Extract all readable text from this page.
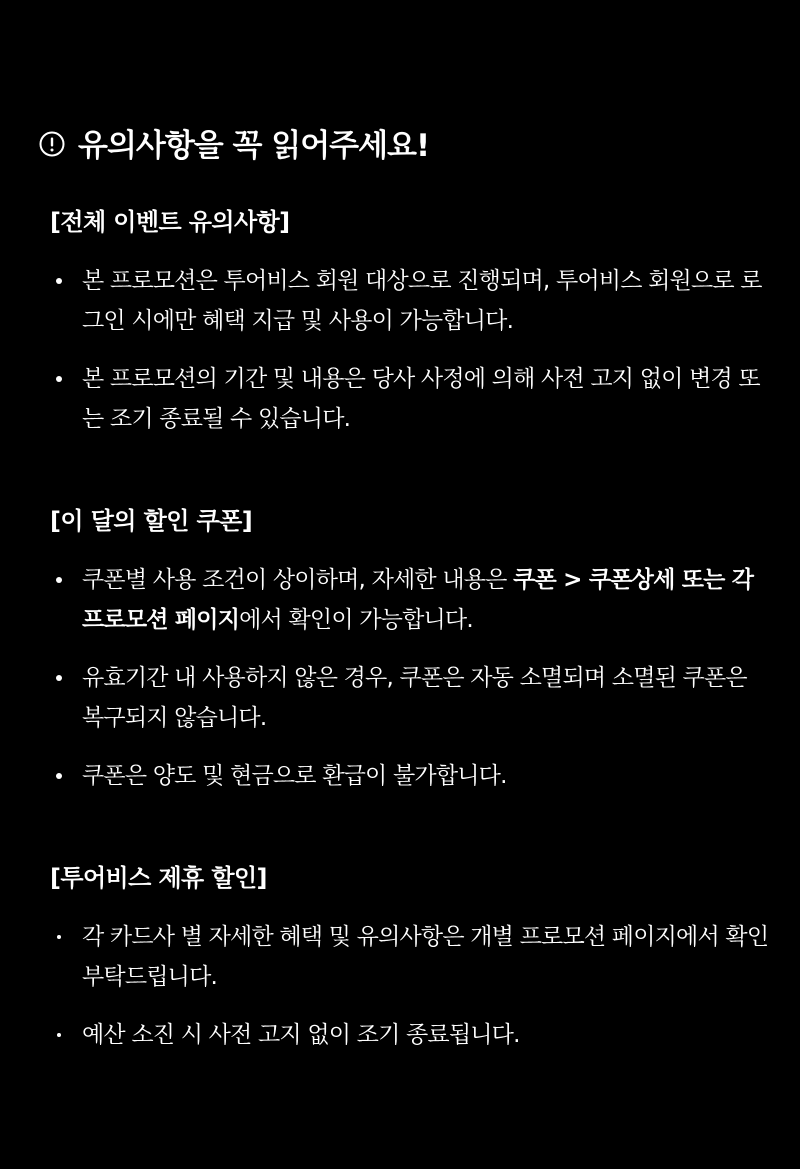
유의사항을 꼭 읽어주세요!
[전체 이벤트 유의사항]
본 프로모션은 투어비스 회원 대상으로 진행되며, 투어비스 회원으로 로그인 시에만 혜택 지급 및 사용이 가능합니다.
본 프로모션의 기간 및 내용은 당사 사정에 의해 사전 고지 없이 변경 또는 조기 종료될 수 있습니다.
[이 달의 할인 쿠폰]
쿠폰별 사용 조건이 상이하며, 자세한 내용은 쿠폰 > 쿠폰상세 또는 각 프로모션 페이지에서 확인이 가능합니다.
유효기간 내 사용하지 않은 경우, 쿠폰은 자동 소멸되며 소멸된 쿠폰은 복구되지 않습니다.
쿠폰은 양도 및 현금으로 환급이 불가합니다.
[투어비스 제휴 할인]
각 카드사 별 자세한 혜택 및 유의사항은 개별 프로모션 페이지에서 확인 부탁드립니다.
예산 소진 시 사전 고지 없이 조기 종료됩니다.
